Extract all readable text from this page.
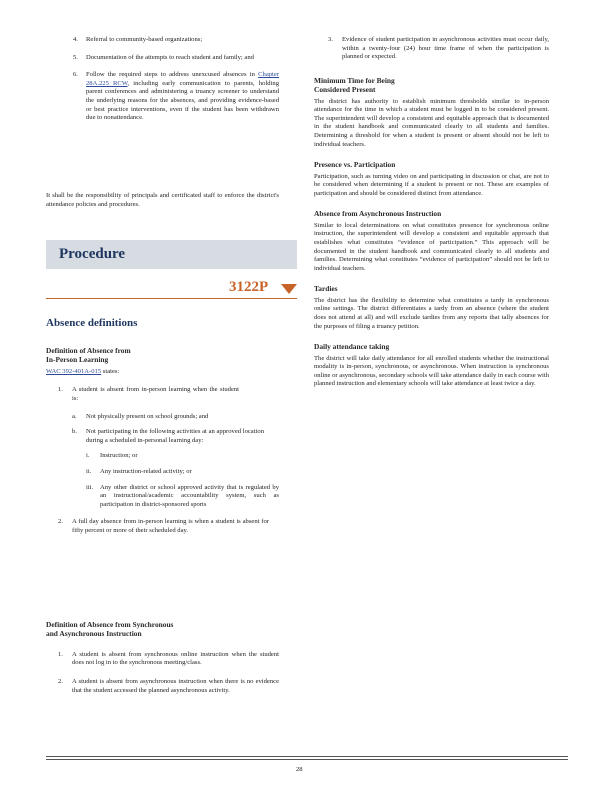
4.	Referral to community-based organizations;
5.	Documentation of the attempts to reach student and family; and
6.	Follow the required steps to address unexcused absences in Chapter 28A.225 RCW, including early communication to parents, holding parent conferences and administering a truancy screener to understand the underlying reasons for the absences, and providing evidence-based or best practice interventions, even if the student has been withdrawn due to nonattendance.
It shall be the responsibility of principals and certificated staff to enforce the district's attendance policies and procedures.
Procedure
3122P
Absence definitions
Definition of Absence from
In-Person Learning
WAC 392-401A-015 states:
1.	A student is absent from in-person learning when the student is:
a.	Not physically present on school grounds; and
b.	Not participating in the following activities at an approved location during a scheduled in-personal learning day:
i.	Instruction; or
ii.	Any instruction-related activity; or
iii.	Any other district or school approved activity that is regulated by an instructional/academic accountability system, such as participation in district-sponsored sports
2.	A full day absence from in-person learning is when a student is absent for fifty percent or more of their scheduled day.
Definition of Absence from Synchronous
and Asynchronous Instruction
1.	A student is absent from synchronous online instruction when the student does not log in to the synchronous meeting/class.
2.	A student is absent from asynchronous instruction when there is no evidence that the student accessed the planned asynchronous activity.
3.	Evidence of student participation in asynchronous activities must occur daily, within a twenty-four (24) hour time frame of when the participation is planned or expected.
Minimum Time for Being
Considered Present
The district has authority to establish minimum thresholds similar to in-person attendance for the time in which a student must be logged in to be considered present. The superintendent will develop a consistent and equitable approach that is documented in the student handbook and communicated clearly to all students and families. Determining a threshold for when a student is present or absent should not be left to individual teachers.
Presence vs. Participation
Participation, such as turning video on and participating in discussion or chat, are not to be considered when determining if a student is present or not. These are examples of participation and should be considered distinct from attendance.
Absence from Asynchronous Instruction
Similar to local determinations on what constitutes presence for synchronous online instruction, the superintendent will develop a consistent and equitable approach that establishes what constitutes “evidence of participation.” This approach will be documented in the student handbook and communicated clearly to all students and families. Determining what constitutes “evidence of participation” should not be left to individual teachers.
Tardies
The district has the flexibility to determine what constitutes a tardy in synchronous online settings. The district differentiates a tardy from an absence (where the student does not attend at all) and will exclude tardies from any reports that tally absences for the purposes of filing a truancy petition.
Daily attendance taking
The district will take daily attendance for all enrolled students whether the instructional modality is in-person, synchronous, or asynchronous. When instruction is synchronous online or asynchronous, secondary schools will take attendance daily in each course with planned instruction and elementary schools will take attendance at least twice a day.
28
